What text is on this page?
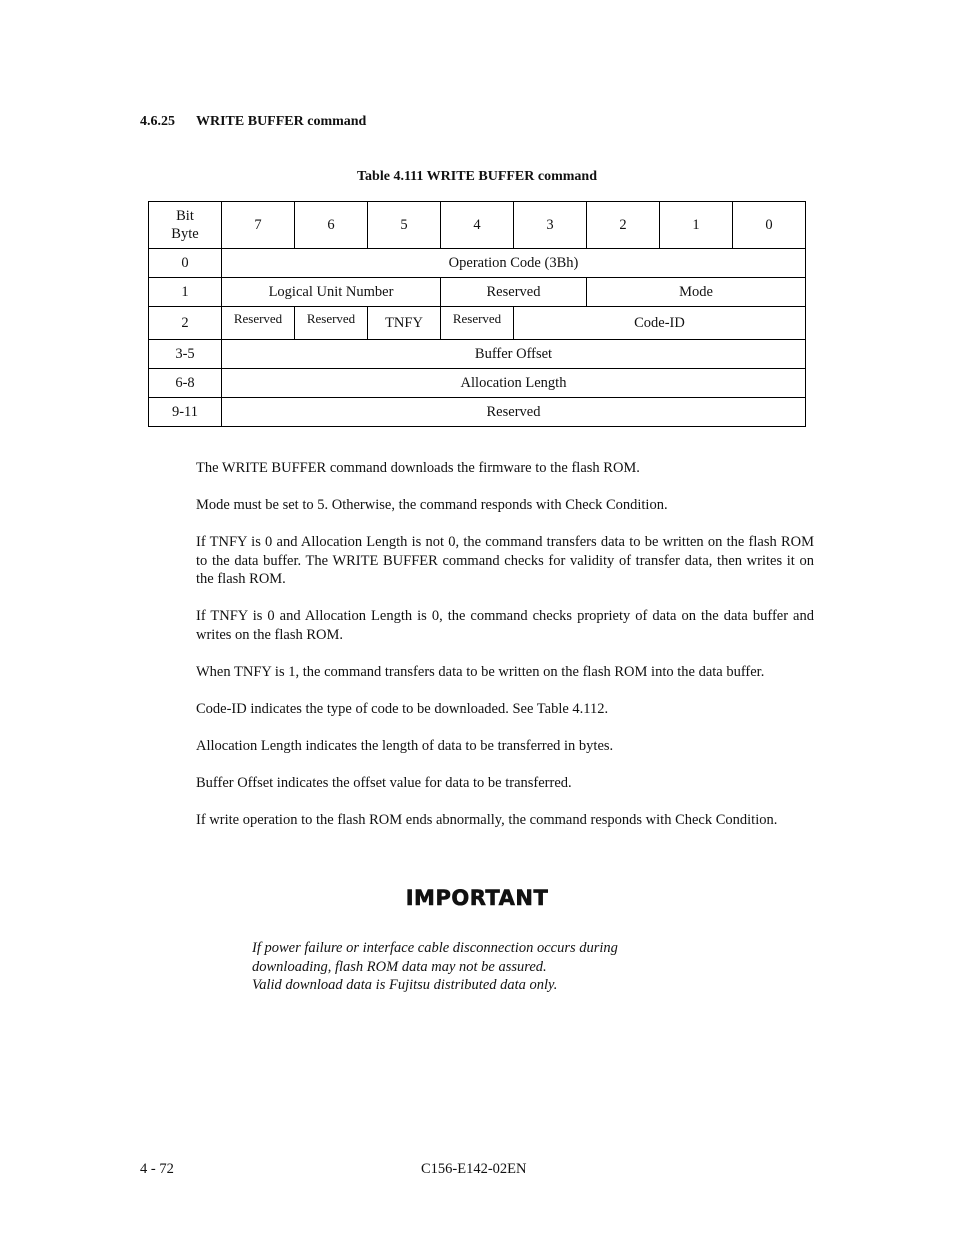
4.6.25 WRITE BUFFER command
Table 4.111 WRITE BUFFER command
Bit
Byte	7	6	5	4	3	2	1	0
0	Operation Code (3Bh)							
1	Logical Unit Number			Reserved		Mode		
2	Reserved	Reserved	TNFY	Reserved	Code-ID			
3-5	Buffer Offset							
6-8	Allocation Length							
9-11	Reserved							
The WRITE BUFFER command downloads the firmware to the flash ROM.
Mode must be set to 5. Otherwise, the command responds with Check Condition.
If TNFY is 0 and Allocation Length is not 0, the command transfers data to be written on the flash ROM to the data buffer. The WRITE BUFFER command checks for validity of transfer data, then writes it on the flash ROM.
If TNFY is 0 and Allocation Length is 0, the command checks propriety of data on the data buffer and writes on the flash ROM.
When TNFY is 1, the command transfers data to be written on the flash ROM into the data buffer.
Code-ID indicates the type of code to be downloaded. See Table 4.112.
Allocation Length indicates the length of data to be transferred in bytes.
Buffer Offset indicates the offset value for data to be transferred.
If write operation to the flash ROM ends abnormally, the command responds with Check Condition.
IMPORTANT
If power failure or interface cable disconnection occurs during
downloading, flash ROM data may not be assured.
Valid download data is Fujitsu distributed data only.
4 - 72	C156-E142-02EN
